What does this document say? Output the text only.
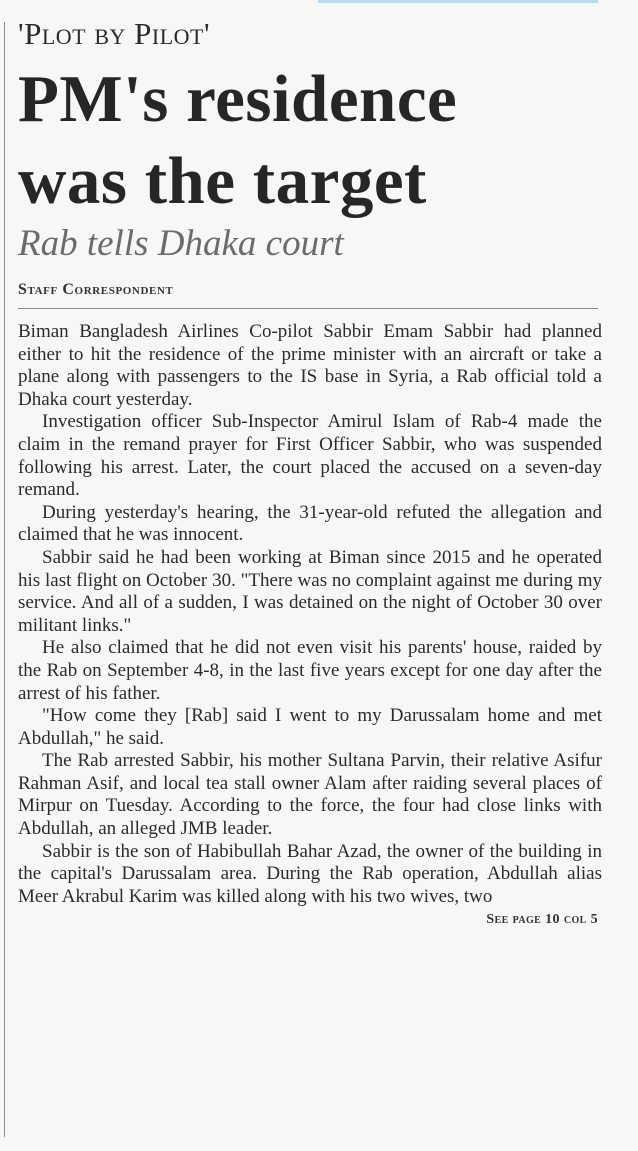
'Plot by Pilot'
PM's residence
was the target
Rab tells Dhaka court
Staff Correspondent

Biman Bangladesh Airlines Co-pilot Sabbir Emam Sabbir had planned either to hit the residence of the prime minister with an aircraft or take a plane along with passengers to the IS base in Syria, a Rab official told a Dhaka court yesterday.

Investigation officer Sub-Inspector Amirul Islam of Rab-4 made the claim in the remand prayer for First Officer Sabbir, who was suspended following his arrest. Later, the court placed the accused on a seven-day remand.

During yesterday's hearing, the 31-year-old refuted the allegation and claimed that he was innocent.

Sabbir said he had been working at Biman since 2015 and he operated his last flight on October 30. "There was no complaint against me during my service. And all of a sudden, I was detained on the night of October 30 over militant links."

He also claimed that he did not even visit his parents' house, raided by the Rab on September 4-8, in the last five years except for one day after the arrest of his father.

"How come they [Rab] said I went to my Darussalam home and met Abdullah," he said.

The Rab arrested Sabbir, his mother Sultana Parvin, their relative Asifur Rahman Asif, and local tea stall owner Alam after raiding several places of Mirpur on Tuesday. According to the force, the four had close links with Abdullah, an alleged JMB leader.

Sabbir is the son of Habibullah Bahar Azad, the owner of the building in the capital's Darussalam area. During the Rab operation, Abdullah alias Meer Akrabul Karim was killed along with his two wives, two

See page 10 col 5
